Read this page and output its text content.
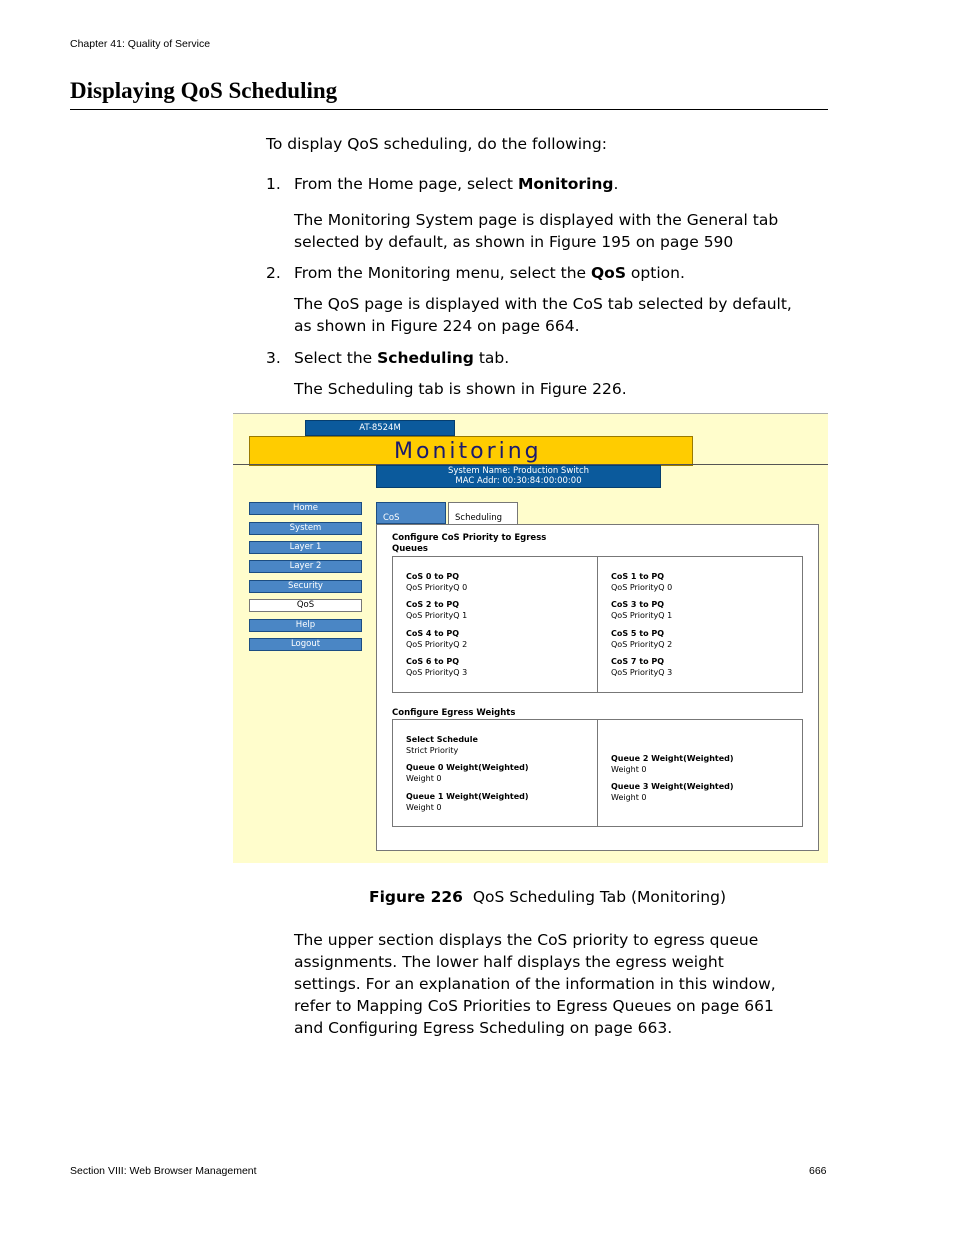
Chapter 41: Quality of Service
Displaying QoS Scheduling
To display QoS scheduling, do the following:
1. From the Home page, select Monitoring.
The Monitoring System page is displayed with the General tab selected by default, as shown in Figure 195 on page 590
2. From the Monitoring menu, select the QoS option.
The QoS page is displayed with the CoS tab selected by default, as shown in Figure 224 on page 664.
3. Select the Scheduling tab.
The Scheduling tab is shown in Figure 226.
AT-8524M
Monitoring
System Name: Production Switch
MAC Addr: 00:30:84:00:00:00
Home
System
Layer 1
Layer 2
Security
QoS
Help
Logout
CoS	Scheduling
Configure CoS Priority to Egress
Queues
CoS 0 to PQ
QoS PriorityQ 0
CoS 2 to PQ
QoS PriorityQ 1
CoS 4 to PQ
QoS PriorityQ 2
CoS 6 to PQ
QoS PriorityQ 3
CoS 1 to PQ
QoS PriorityQ 0
CoS 3 to PQ
QoS PriorityQ 1
CoS 5 to PQ
QoS PriorityQ 2
CoS 7 to PQ
QoS PriorityQ 3
Configure Egress Weights
Select Schedule
Strict Priority
Queue 0 Weight(Weighted)
Weight 0
Queue 1 Weight(Weighted)
Weight 0
Queue 2 Weight(Weighted)
Weight 0
Queue 3 Weight(Weighted)
Weight 0
Figure 226 QoS Scheduling Tab (Monitoring)
The upper section displays the CoS priority to egress queue assignments. The lower half displays the egress weight settings. For an explanation of the information in this window, refer to Mapping CoS Priorities to Egress Queues on page 661 and Configuring Egress Scheduling on page 663.
Section VIII: Web Browser Management	666
